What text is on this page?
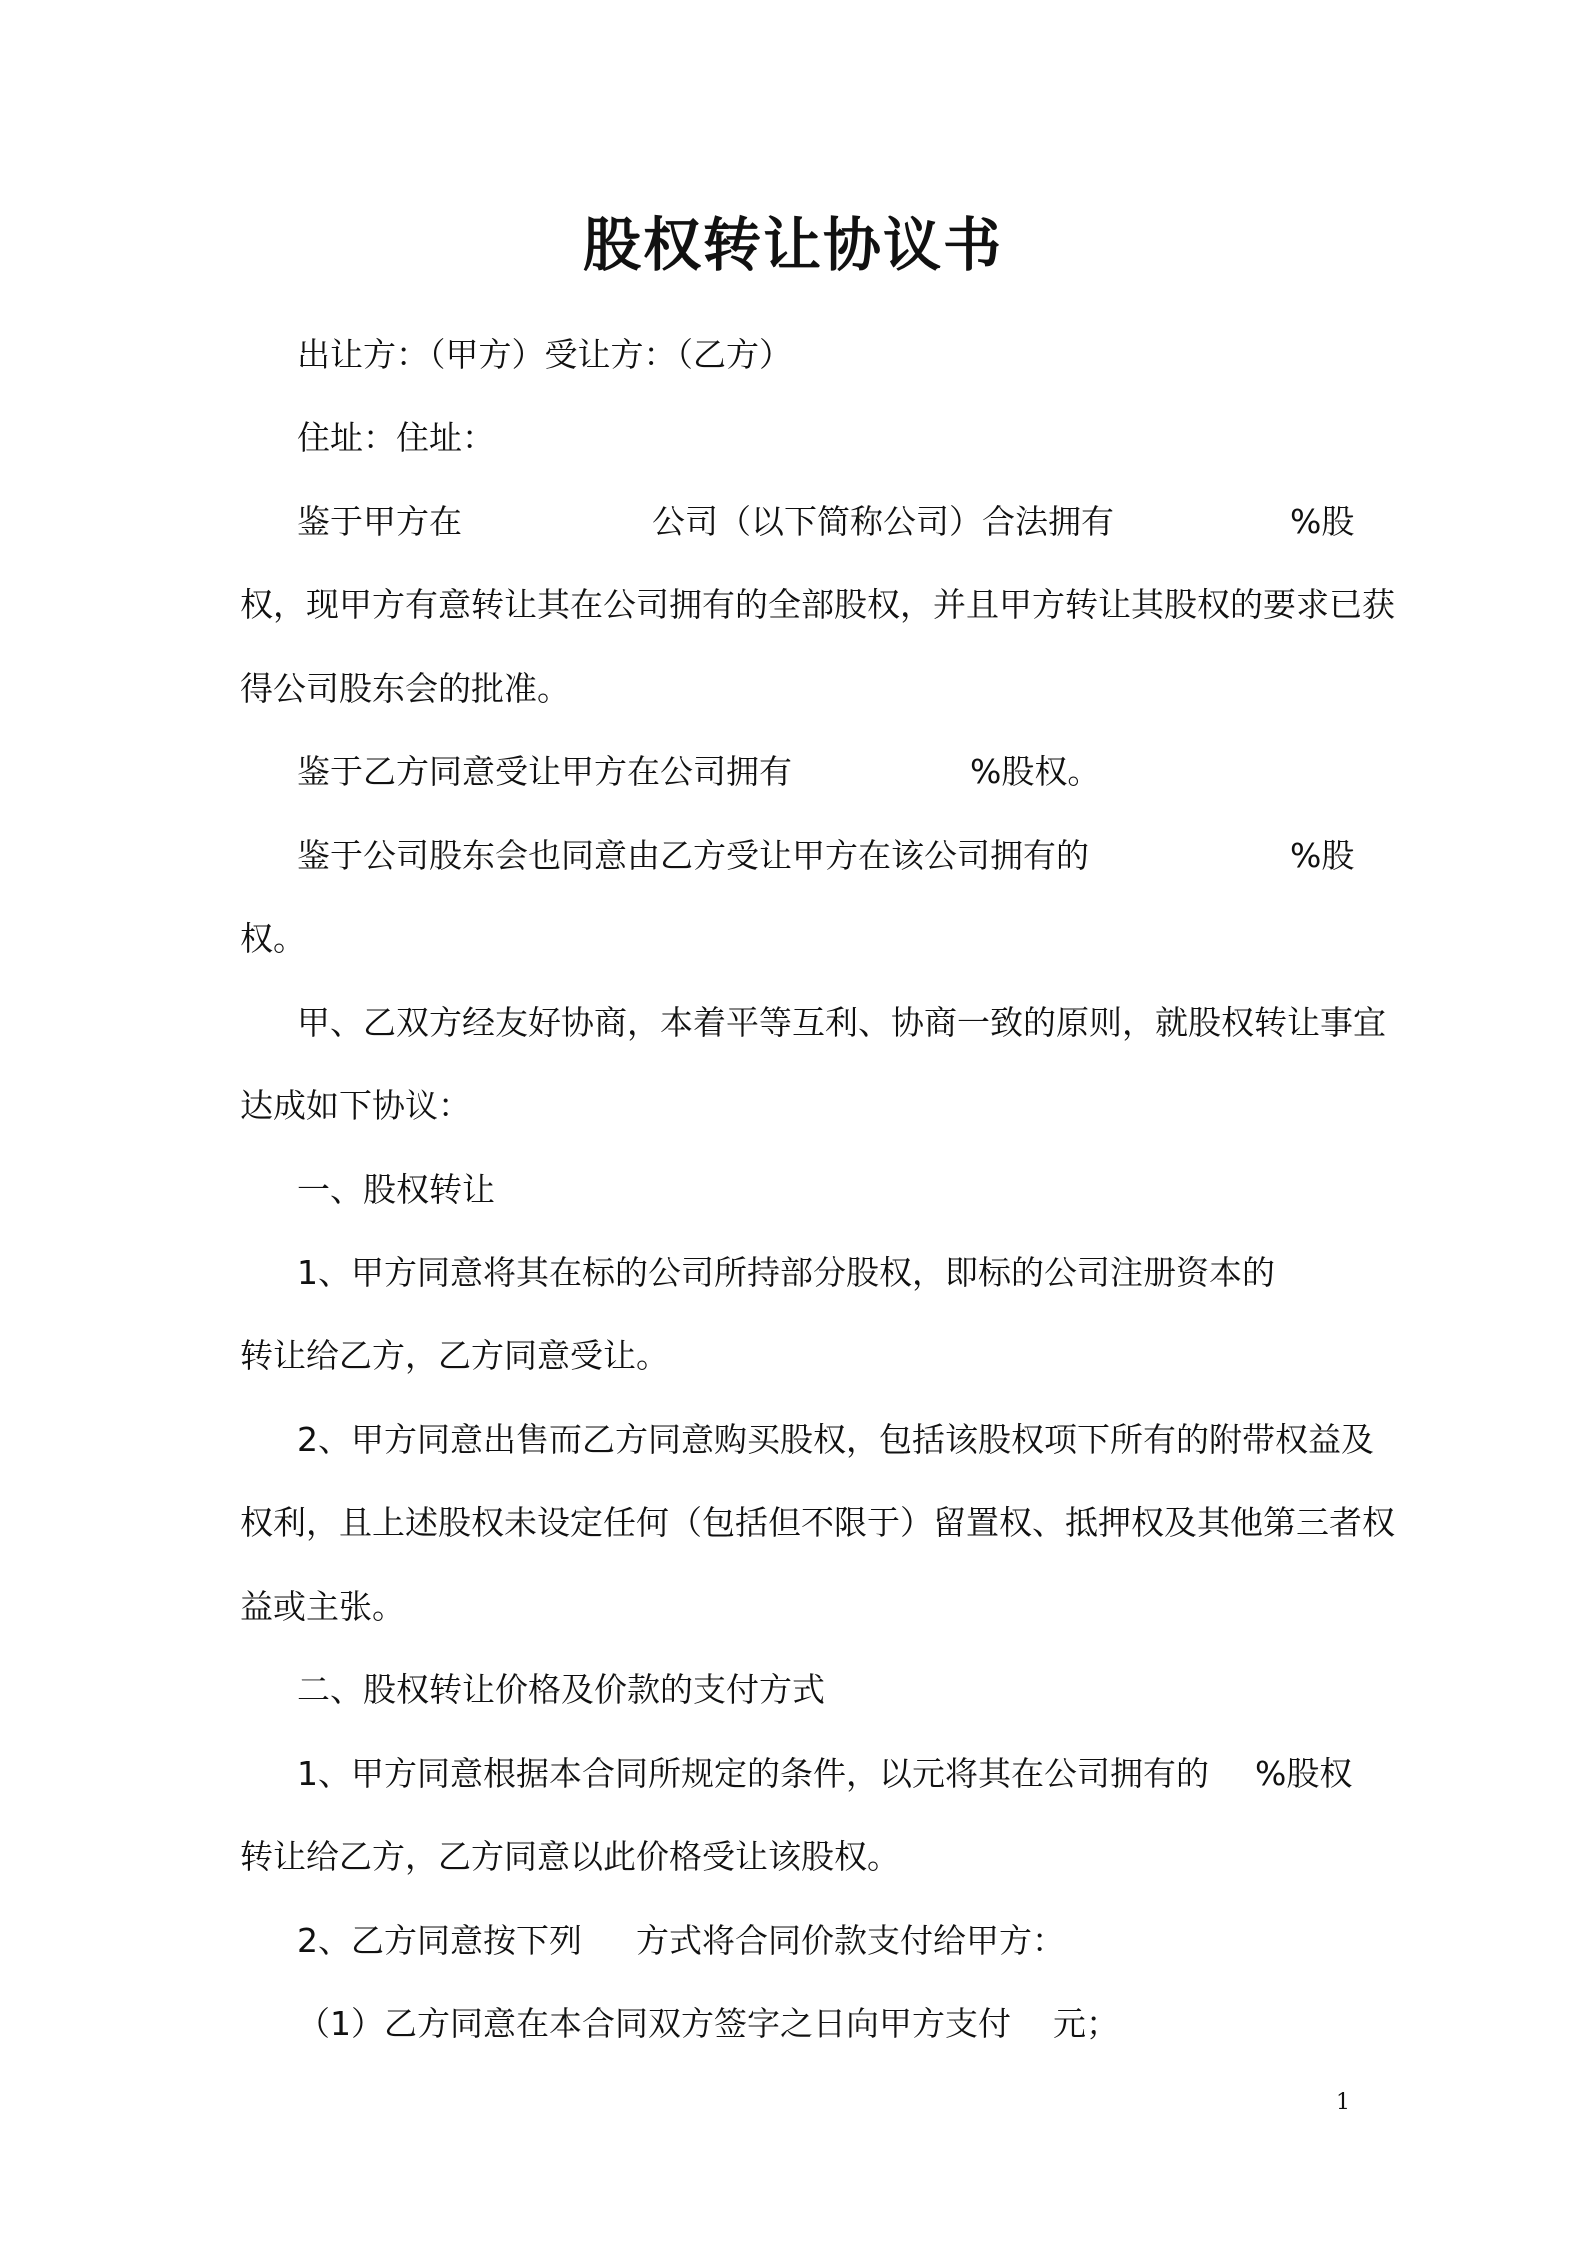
股权转让协议书
出让方：（甲方）受让方：（乙方）
住址：住址：
鉴于甲方在	公司（以下简称公司）合法拥有	%股
权，现甲方有意转让其在公司拥有的全部股权，并且甲方转让其股权的要求已获
得公司股东会的批准。
鉴于乙方同意受让甲方在公司拥有	%股权。
鉴于公司股东会也同意由乙方受让甲方在该公司拥有的	%股
权。
甲、乙双方经友好协商，本着平等互利、协商一致的原则，就股权转让事宜
达成如下协议：
一、股权转让
1、甲方同意将其在标的公司所持部分股权，即标的公司注册资本的
转让给乙方，乙方同意受让。
2、甲方同意出售而乙方同意购买股权，包括该股权项下所有的附带权益及
权利，且上述股权未设定任何（包括但不限于）留置权、抵押权及其他第三者权
益或主张。
二、股权转让价格及价款的支付方式
1、甲方同意根据本合同所规定的条件，以元将其在公司拥有的 %股权
转让给乙方，乙方同意以此价格受让该股权。
2、乙方同意按下列 方式将合同价款支付给甲方：
（1）乙方同意在本合同双方签字之日向甲方支付 元；
1
